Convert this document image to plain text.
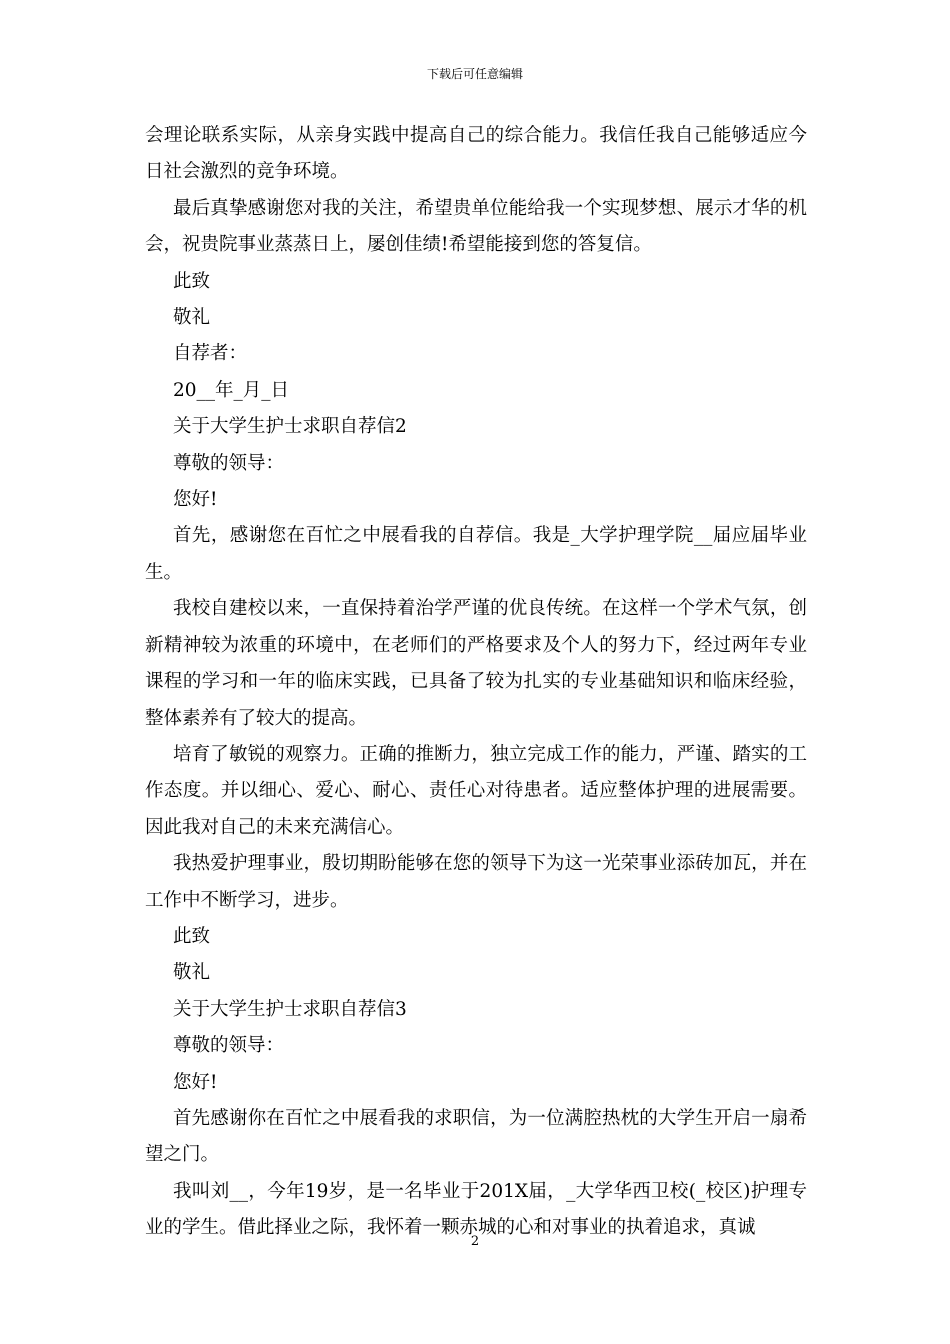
下载后可任意编辑

会理论联系实际，从亲身实践中提高自己的综合能力。我信任我自己能够适应今日社会激烈的竞争环境。

最后真挚感谢您对我的关注，希望贵单位能给我一个实现梦想、展示才华的机会，祝贵院事业蒸蒸日上，屡创佳绩!希望能接到您的答复信。

此致

敬礼

自荐者：

20__年_月_日

关于大学生护士求职自荐信2

尊敬的领导：

您好!

首先，感谢您在百忙之中展看我的自荐信。我是_大学护理学院__届应届毕业生。

我校自建校以来，一直保持着治学严谨的优良传统。在这样一个学术气氛，创新精神较为浓重的环境中，在老师们的严格要求及个人的努力下，经过两年专业课程的学习和一年的临床实践，已具备了较为扎实的专业基础知识和临床经验，整体素养有了较大的提高。

培育了敏锐的观察力。正确的推断力，独立完成工作的能力，严谨、踏实的工作态度。并以细心、爱心、耐心、责任心对待患者。适应整体护理的进展需要。因此我对自己的未来充满信心。

我热爱护理事业，殷切期盼能够在您的领导下为这一光荣事业添砖加瓦，并在工作中不断学习，进步。

此致

敬礼

关于大学生护士求职自荐信3

尊敬的领导：

您好!

首先感谢你在百忙之中展看我的求职信，为一位满腔热枕的大学生开启一扇希望之门。

我叫刘__，今年19岁，是一名毕业于201X届，_大学华西卫校(_校区)护理专业的学生。借此择业之际，我怀着一颗赤城的心和对事业的执着追求，真诚

2
